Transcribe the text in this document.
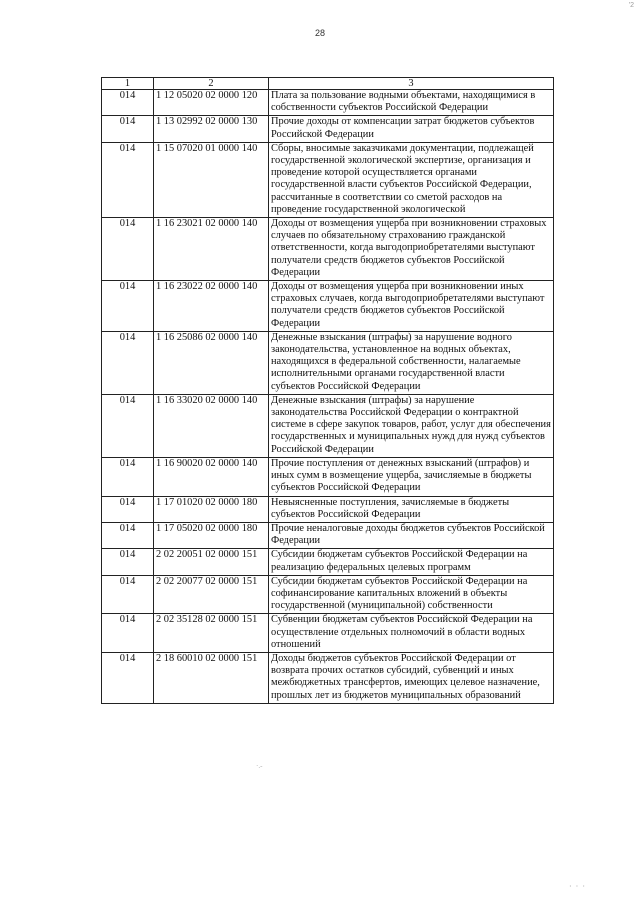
'2
28
1	2	3
014	1 12 05020 02 0000 120	Плата за пользование водными объектами, находящимися в собственности субъектов Российской Федерации
014	1 13 02992 02 0000 130	Прочие доходы от компенсации затрат бюджетов субъектов Российской Федерации
014	1 15 07020 01 0000 140	Сборы, вносимые заказчиками документации, подлежащей государственной экологической экспертизе, организация и проведение которой осуществляется органами государственной власти субъектов Российской Федерации, рассчитанные в соответствии со сметой расходов на проведение государственной экологической
014	1 16 23021 02 0000 140	Доходы от возмещения ущерба при возникновении страховых случаев по обязательному страхованию гражданской ответственности, когда выгодоприобретателями выступают получатели средств бюджетов субъектов Российской Федерации
014	1 16 23022 02 0000 140	Доходы от возмещения ущерба при возникновении иных страховых случаев, когда выгодоприобретателями выступают получатели средств бюджетов субъектов Российской Федерации
014	1 16 25086 02 0000 140	Денежные взыскания (штрафы) за нарушение водного законодательства, установленное на водных объектах, находящихся в федеральной собственности, налагаемые исполнительными органами государственной власти субъектов Российской Федерации
014	1 16 33020 02 0000 140	Денежные взыскания (штрафы) за нарушение законодательства Российской Федерации о контрактной системе в сфере закупок товаров, работ, услуг для обеспечения государственных и муниципальных нужд для нужд субъектов Российской Федерации
014	1 16 90020 02 0000 140	Прочие поступления от денежных взысканий (штрафов) и иных сумм в возмещение ущерба, зачисляемые в бюджеты субъектов Российской Федерации
014	1 17 01020 02 0000 180	Невыясненные поступления, зачисляемые в бюджеты субъектов Российской Федерации
014	1 17 05020 02 0000 180	Прочие неналоговые доходы бюджетов субъектов Российской Федерации
014	2 02 20051 02 0000 151	Субсидии бюджетам субъектов Российской Федерации на реализацию федеральных целевых программ
014	2 02 20077 02 0000 151	Субсидии бюджетам субъектов Российской Федерации на софинансирование капитальных вложений в объекты государственной (муниципальной) собственности
014	2 02 35128 02 0000 151	Субвенции бюджетам субъектов Российской Федерации на осуществление отдельных полномочий в области водных отношений
014	2 18 60010 02 0000 151	Доходы бюджетов субъектов Российской Федерации от возврата прочих остатков субсидий, субвенций и иных межбюджетных трансфертов, имеющих целевое назначение, прошлых лет из бюджетов муниципальных образований
·.-
· · ·
